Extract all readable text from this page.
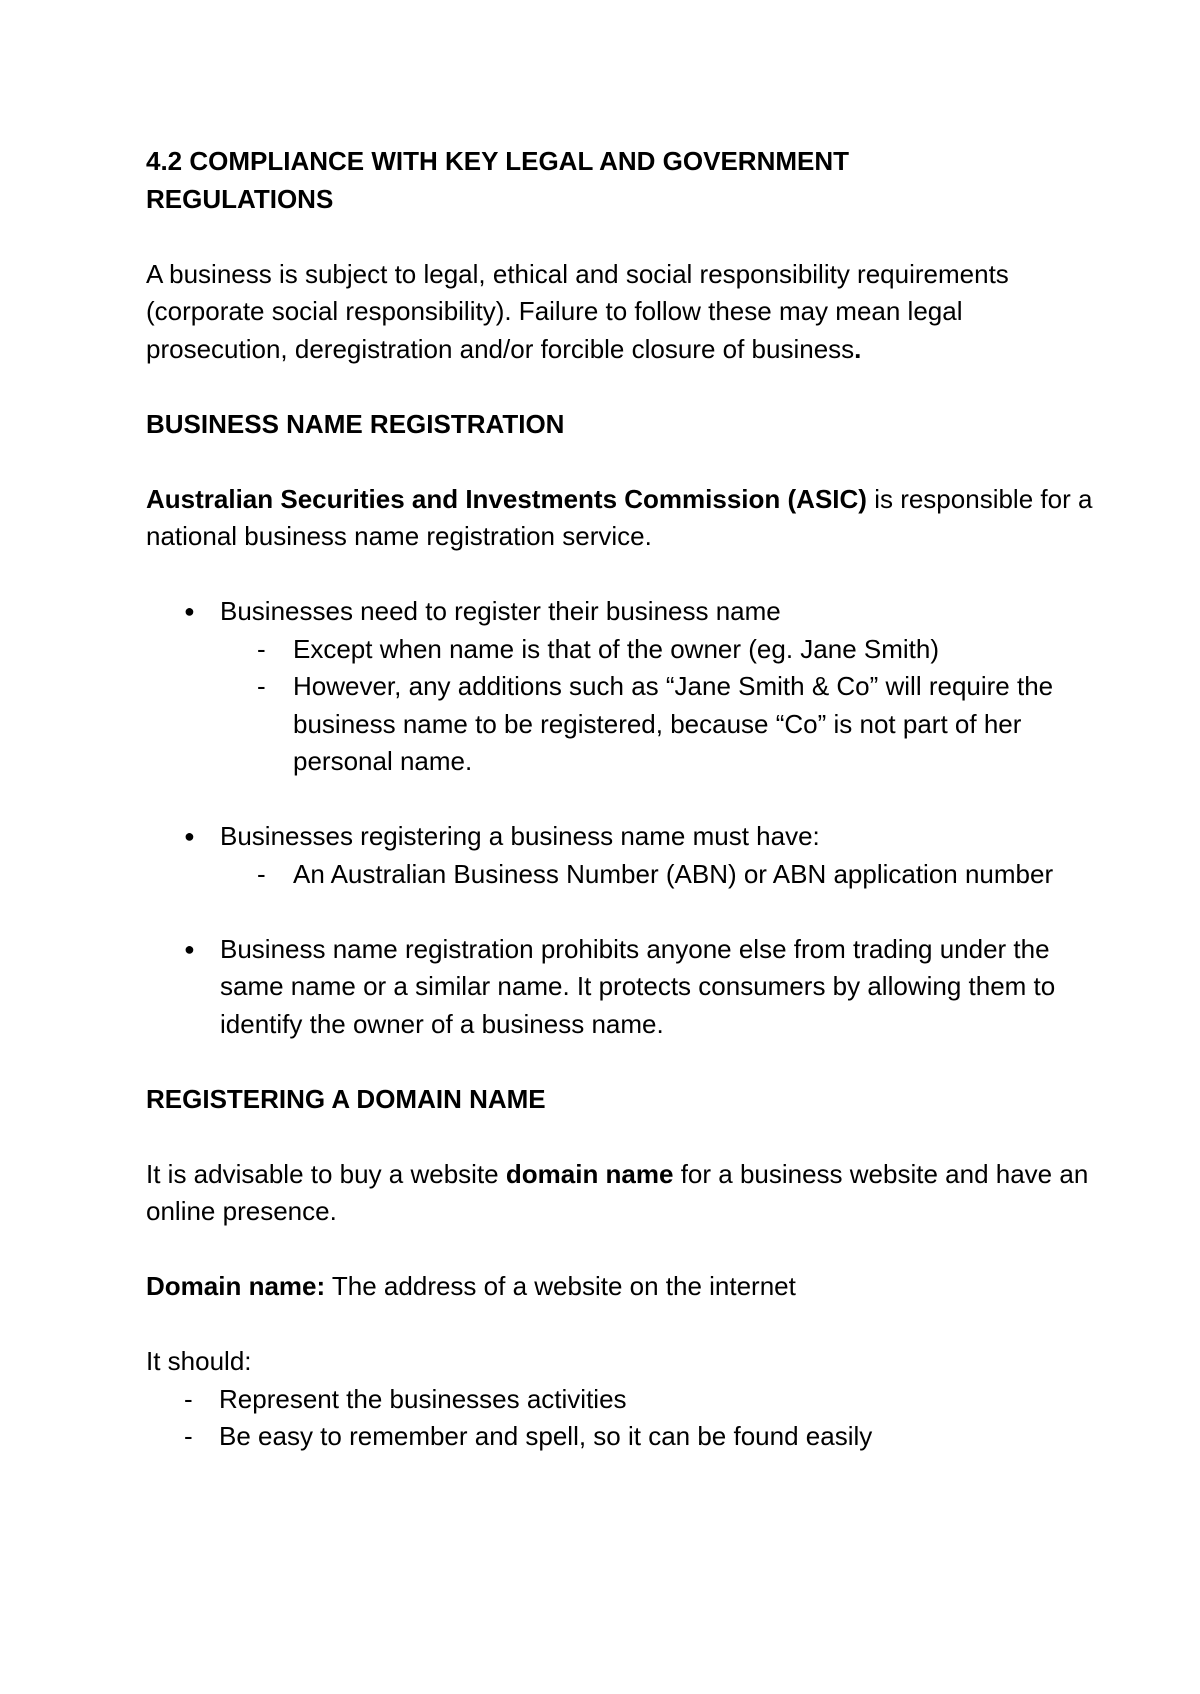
4.2 COMPLIANCE WITH KEY LEGAL AND GOVERNMENT
REGULATIONS

A business is subject to legal, ethical and social responsibility requirements (corporate social responsibility). Failure to follow these may mean legal prosecution, deregistration and/or forcible closure of business.

BUSINESS NAME REGISTRATION

Australian Securities and Investments Commission (ASIC) is responsible for a national business name registration service.

● Businesses need to register their business name
- Except when name is that of the owner (eg. Jane Smith)
- However, any additions such as “Jane Smith & Co” will require the business name to be registered, because “Co” is not part of her personal name.
● Businesses registering a business name must have:
- An Australian Business Number (ABN) or ABN application number
● Business name registration prohibits anyone else from trading under the same name or a similar name. It protects consumers by allowing them to identify the owner of a business name.

REGISTERING A DOMAIN NAME

It is advisable to buy a website domain name for a business website and have an online presence.

Domain name: The address of a website on the internet

It should:

- Represent the businesses activities
- Be easy to remember and spell, so it can be found easily
